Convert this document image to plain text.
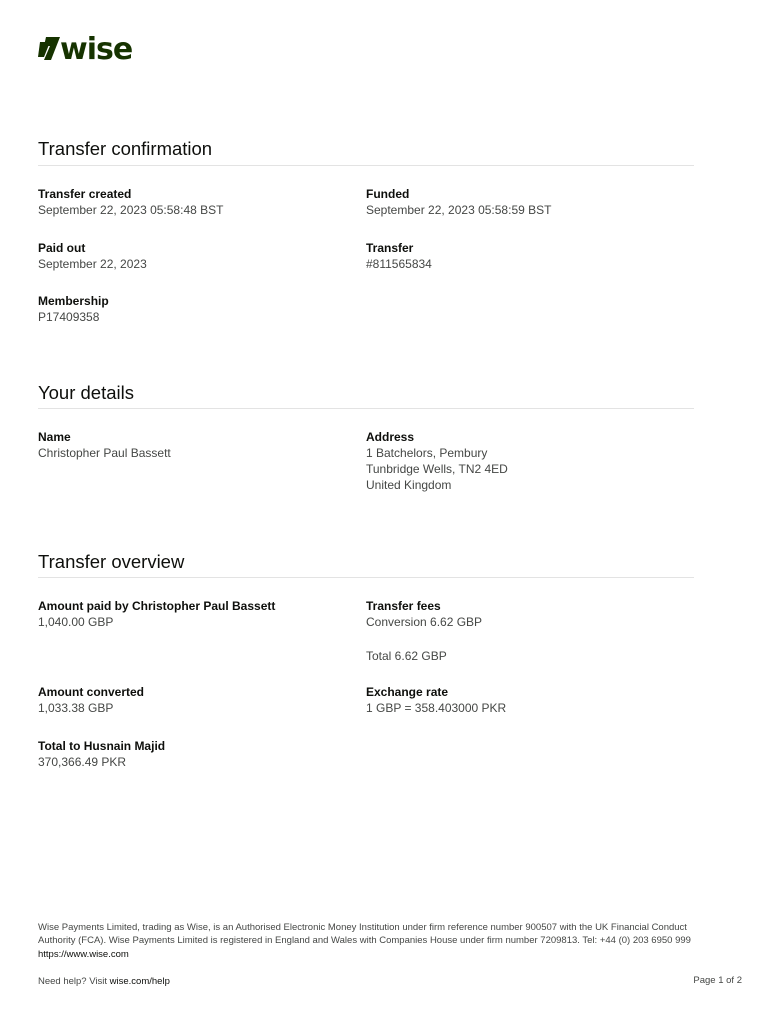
wise
Transfer confirmation
Transfer created
September 22, 2023 05:58:48 BST
Funded
September 22, 2023 05:58:59 BST
Paid out
September 22, 2023
Transfer
#811565834
Membership
P17409358
Your details
Name
Christopher Paul Bassett
Address
1 Batchelors, Pembury
Tunbridge Wells, TN2 4ED
United Kingdom
Transfer overview
Amount paid by Christopher Paul Bassett
1,040.00 GBP
Transfer fees
Conversion 6.62 GBP
Total 6.62 GBP
Amount converted
1,033.38 GBP
Exchange rate
1 GBP = 358.403000 PKR
Total to Husnain Majid
370,366.49 PKR
Wise Payments Limited, trading as Wise, is an Authorised Electronic Money Institution under firm reference number 900507 with the UK Financial Conduct Authority (FCA). Wise Payments Limited is registered in England and Wales with Companies House under firm number 7209813. Tel: +44 (0) 203 6950 999 https://www.wise.com
Need help? Visit wise.com/help	Page 1 of 2
